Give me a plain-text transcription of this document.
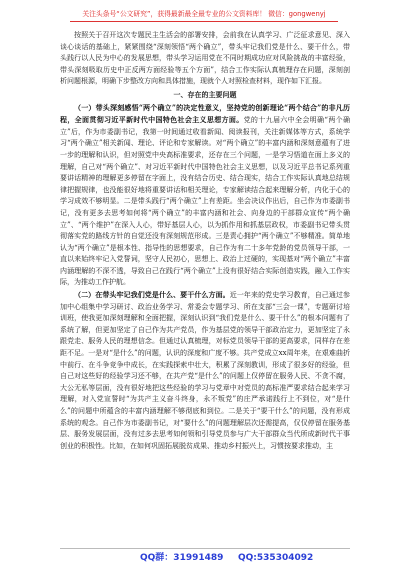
关注头条号“公文研究”，获得最新最全最专业的公文资料库！ 微信：gongwenyj

按照关于召开这次专题民主生活会的部署安排，会前我在认真学习、广泛征求意见、深入谈心谈话的基础上，紧紧围绕“深刻领悟“两个确立”，带头牢记我们党是什么、要干什么，带头践行以人民为中心的发展思想，带头学习运用党在不同时期成功应对风险挑战的丰富经验，带头深刻吸取历史中正反两方面经验等五个方面”，结合工作实际认真梳理存在问题，深刻剖析问题根源，明确下步整改方向和具体措施，现就个人对照检查材料，现作如下汇报。

一、存在的主要问题

（一）带头深刻感悟“两个确立”的决定性意义，坚持党的创新理论“两个结合”的非凡历程，全面贯彻习近平新时代中国特色社会主义思想方面。党的十九届六中全会明确“两个确立”后，作为市委副书记，我第一时间通过收看新闻、阅读报刊，关注新媒体等方式，系统学习“两个确立”相关新闻、理论、评论和专家解读。对“两个确立”的丰富内涵和深刻意蕴有了进一步的理解和认识，但对照党中央高标准要求，还存在三个问题，一是学习悟道在面上多义的理解，自己对“两个确立”、对习近平新时代中国特色社会主义思想，以及习近平总书记系列重要讲话精神的理解更多停留在字面上，没有结合历史、结合现实，结合工作实际认真地总结规律把握规律，也没能很好地将重要讲话和相关理论，专家解读结合起来理解分析，内化于心的学习成效不够明显。二是带头践行“两个确立”上有差距。坐会决议作出后，自己作为市委副书记，没有更多去思考如何将“两个确立”的丰富内涵和社会、向身边的干部群众宣传“两个确立”、“两个维护”在深入人心，带好基层人心，以为抓作用和抓基层政权，市委副书记带头贯彻落实党的路线方针的自觉还没有深刻规范形成。三是责心拥护“两个确立”不够精准。简单地认为“两个确立”是根本性、指导性的思想要求，自己作为有二十多年党龄的党员领导干部，一直以来始终牢记入党誓词，坚守人民初心，思想上、政治上过硬的，实现基对“两个确立”丰富内涵理解的不深不透，导致自己在践行“两个确立”上没有很好结合实际创造实践，融入工作实际，为推动工作护航。

（二）在带头牢记我们党是什么、要干什么方面。近一年来的党史学习教育，自己通过参加中心组集中学习研讨、政治业务学习、常委会专题学习、所在支部“三会一课”，专题研讨培训班，使我更加深刻理解和全面把握，深刻认识到“我们党是什么、要干什么”的根本问题有了系统了解，但更加坚定了自己作为共产党员，作为基层党的领导干部政治定力，更加坚定了永跟党走、服务人民的理想信念。但通过认真梳理，对标党员领导干部的更高要求，同样存在差距不足。一是对“是什么”的问题，认识的深度和广度不够。共产党成立xx周年来，在艰难曲折中前行、在斗争竞争中成长，在实践探索中壮大，积累了深刻教训，形成了很多好的经验，但自己对这些好的经验学习还不够，在共产党“是什么”的问题上仅停留在服务人民、不贪不腐，大公无私等层面，没有很好地把这些经验的学习与党章中对党员的高标准严要求结合起来学习理解，对入党宣誓时“为共产主义奋斗终身，永不叛党”的庄严承诺践行上不到位，对“是什么”的问题中所蕴含的丰富内涵理解不够彻底和到位。二是关于“要干什么”的问题，没有形成系统的观念。自己作为市委副书记，对“要什么”的问题理解层次还需提高，仅仅停留在服务基层、服务发展层面，没有过多去思考如何领和引导党员参与广大干部群众当代所成新时代干事创业的积极性。比如，在如何巩固拓展脱贫成果、推动乡村振兴上，习惯按要求推动，主

QQ群：31991489 QQ:535304092
